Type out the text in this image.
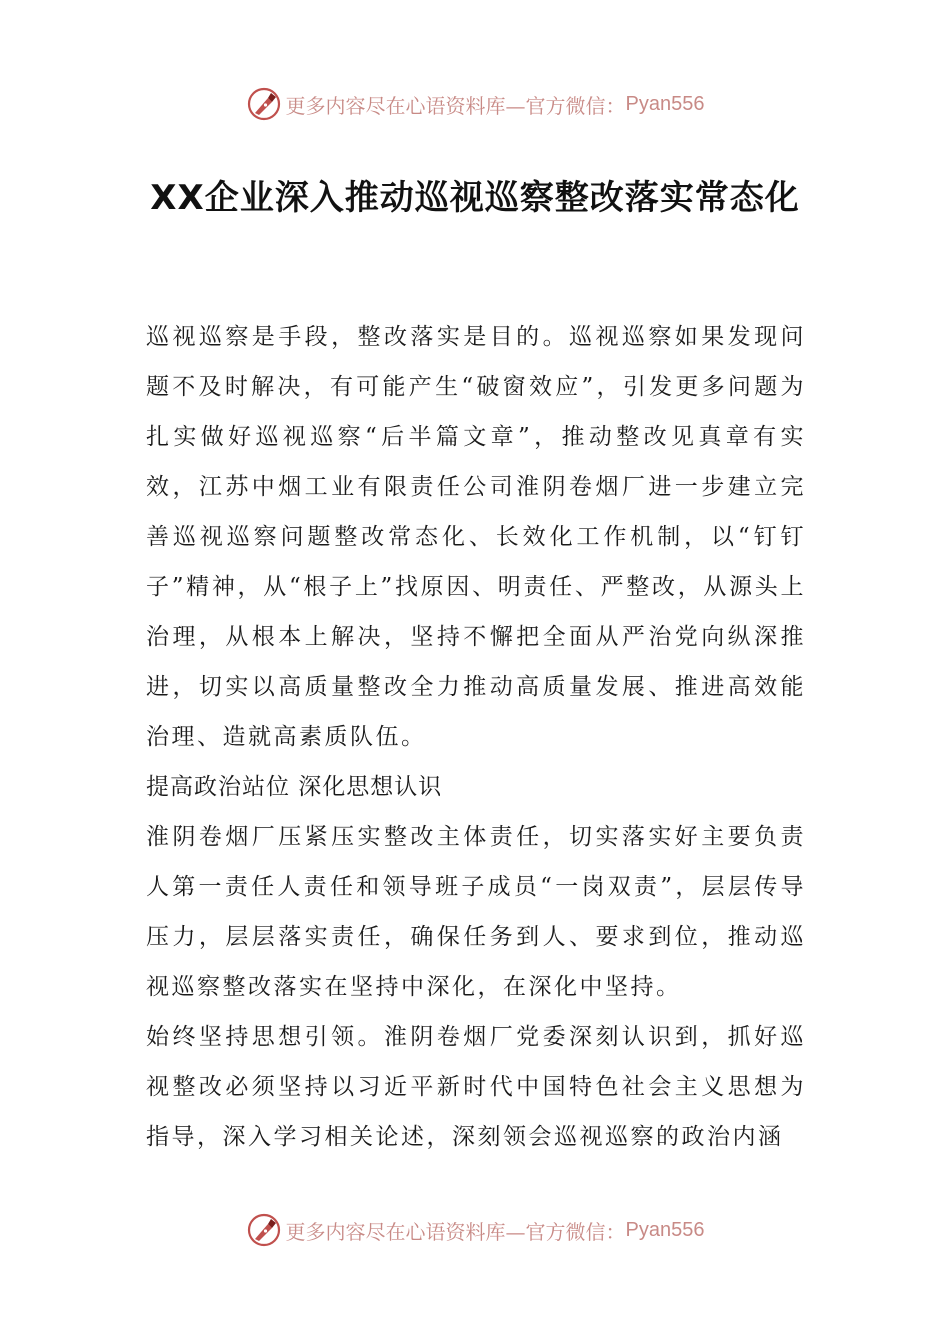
更多内容尽在心语资料库—官方微信： Pyan556
XX企业深入推动巡视巡察整改落实常态化

巡视巡察是手段，整改落实是目的。巡视巡察如果发现问题不及时解决，有可能产生“破窗效应”，引发更多问题为扎实做好巡视巡察“后半篇文章”，推动整改见真章有实效，江苏中烟工业有限责任公司淮阴卷烟厂进一步建立完善巡视巡察问题整改常态化、长效化工作机制，以“钉钉子”精神，从“根子上”找原因、明责任、严整改，从源头上治理，从根本上解决，坚持不懈把全面从严治党向纵深推进，切实以高质量整改全力推动高质量发展、推进高效能治理、造就高素质队伍。

提高政治站位 深化思想认识

淮阴卷烟厂压紧压实整改主体责任，切实落实好主要负责人第一责任人责任和领导班子成员“一岗双责”，层层传导压力，层层落实责任，确保任务到人、要求到位，推动巡视巡察整改落实在坚持中深化，在深化中坚持。

始终坚持思想引领。淮阴卷烟厂党委深刻认识到，抓好巡视整改必须坚持以习近平新时代中国特色社会主义思想为指导，深入学习相关论述，深刻领会巡视巡察的政治内涵

更多内容尽在心语资料库—官方微信： Pyan556
